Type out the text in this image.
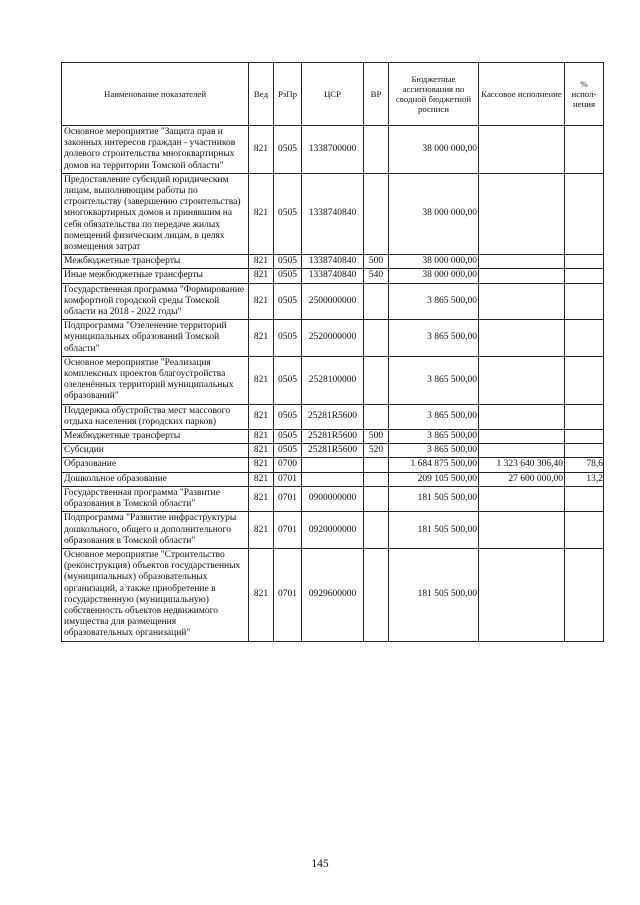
Наименование показателей	Вед	РзПр	ЦСР	ВР	Бюджетные ассигнования по сводной бюджетной росписи	Кассовое исполнение	% испол-нения
Основное мероприятие "Защита прав и законных интересов граждан - участников долевого строительства многоквартирных домов на территории Томской области"	821	0505	1338700000		38 000 000,00		
Предоставление субсидий юридическим лицам, выполняющим работы по строительству (завершению строительства) многоквартирных домов и принявшим на себя обязательства по передаче жилых помещений физическим лицам, в целях возмещения затрат	821	0505	1338740840		38 000 000,00		
Межбюджетные трансферты	821	0505	1338740840	500	38 000 000,00		
Иные межбюджетные трансферты	821	0505	1338740840	540	38 000 000,00		
Государственная программа "Формирование комфортной городской среды Томской области на 2018 - 2022 годы"	821	0505	2500000000		3 865 500,00		
Подпрограмма "Озеленение территорий муниципальных образований Томской области"	821	0505	2520000000		3 865 500,00		
Основное мероприятие "Реализация комплексных проектов благоустройства озеленённых территорий муниципальных образований"	821	0505	2528100000		3 865 500,00		
Поддержка обустройства мест массового отдыха населения (городских парков)	821	0505	25281R5600		3 865 500,00		
Межбюджетные трансферты	821	0505	25281R5600	500	3 865 500,00		
Субсидии	821	0505	25281R5600	520	3 865 500,00		
Образование	821	0700			1 684 875 500,00	1 323 640 306,40	78,6
Дошкольное образование	821	0701			209 105 500,00	27 600 000,00	13,2
Государственная программа "Развитие образования в Томской области"	821	0701	0900000000		181 505 500,00		
Подпрограмма "Развитие инфраструктуры дошкольного, общего и дополнительного образования в Томской области"	821	0701	0920000000		181 505 500,00		
Основное мероприятие "Строительство (реконструкция) объектов государственных (муниципальных) образовательных организаций, а также приобретение в государственную (муниципальную) собственность объектов недвижимого имущества для размещения образовательных организаций"	821	0701	0929600000		181 505 500,00		
145
